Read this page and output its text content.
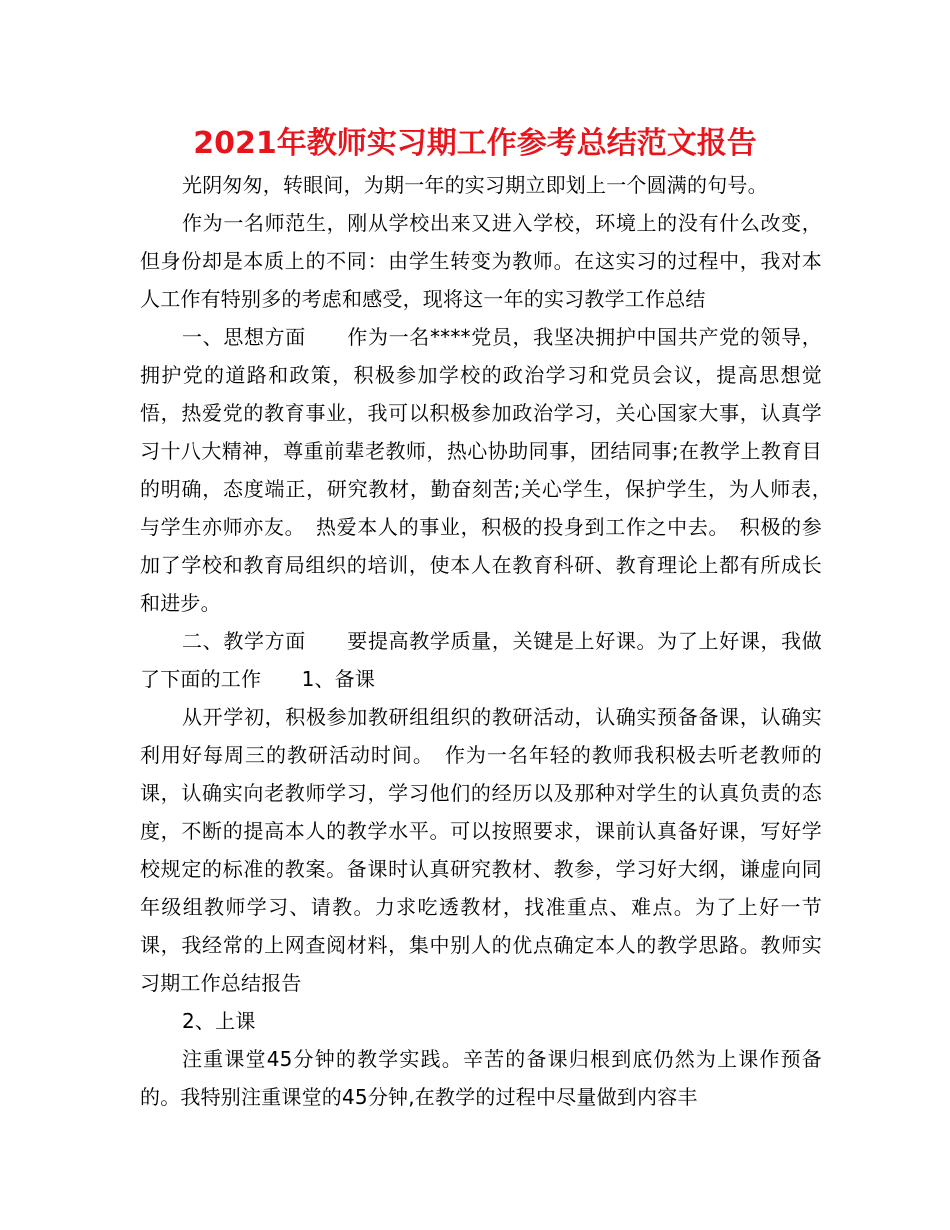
2021年教师实习期工作参考总结范文报告

光阴匆匆，转眼间，为期一年的实习期立即划上一个圆满的句号。

作为一名师范生，刚从学校出来又进入学校，环境上的没有什么改变，但身份却是本质上的不同：由学生转变为教师。在这实习的过程中，我对本人工作有特别多的考虑和感受，现将这一年的实习教学工作总结

一、思想方面　　作为一名****党员，我坚决拥护中国共产党的领导，拥护党的道路和政策，积极参加学校的政治学习和党员会议，提高思想觉悟，热爱党的教育事业，我可以积极参加政治学习，关心国家大事，认真学习十八大精神，尊重前辈老教师，热心协助同事，团结同事;在教学上教育目的明确，态度端正，研究教材，勤奋刻苦;关心学生，保护学生，为人师表，　与学生亦师亦友。　热爱本人的事业，积极的投身到工作之中去。　积极的参加了学校和教育局组织的培训，使本人在教育科研、教育理论上都有所成长和进步。

二、教学方面　　要提高教学质量，关键是上好课。为了上好课，我做了下面的工作　　1、备课

从开学初，积极参加教研组组织的教研活动，认确实预备备课，认确实利用好每周三的教研活动时间。　作为一名年轻的教师我积极去听老教师的课，认确实向老教师学习，学习他们的经历以及那种对学生的认真负责的态度，不断的提高本人的教学水平。可以按照要求，课前认真备好课，写好学校规定的标准的教案。备课时认真研究教材、教参，学习好大纲，谦虚向同年级组教师学习、请教。力求吃透教材，找准重点、难点。为了上好一节课，我经常的上网查阅材料，集中别人的优点确定本人的教学思路。教师实习期工作总结报告

2、上课

注重课堂45分钟的教学实践。辛苦的备课归根到底仍然为上课作预备的。我特别注重课堂的45分钟,在教学的过程中尽量做到内容丰
